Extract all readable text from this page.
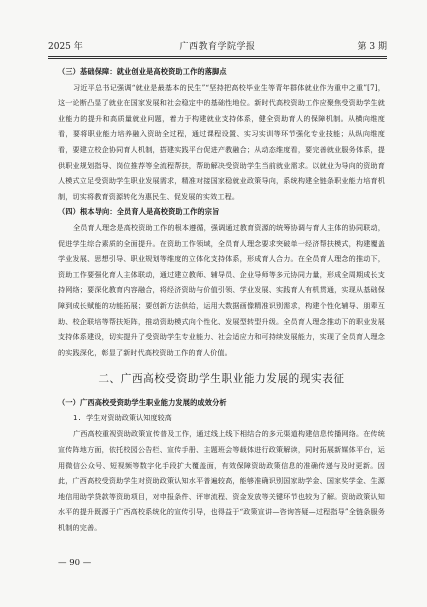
2025 年	广西教育学院学报	第 3 期

（三）基础保障：就业创业是高校资助工作的落脚点

习近平总书记强调“就业是最基本的民生”“坚持把高校毕业生等青年群体就业作为重中之重”[7]，这一论断凸显了就业在国家发展和社会稳定中的基础性地位。新时代高校资助工作应聚焦受资助学生就业能力的提升和高质量就业问题，着力于构建就业支持体系，健全资助育人的保障机制。从横向维度看，要将职业能力培养融入资助全过程，通过课程设置、实习实训等环节强化专业技能；从纵向维度看，要建立校企协同育人机制，搭建实践平台促进产教融合；从动态维度看，要完善就业服务体系，提供职业规划指导、岗位推荐等全流程帮扶，帮助解决受资助学生当前就业需求。以就业为导向的资助育人模式立足受资助学生职业发展需求，精准对接国家稳就业政策导向，系统构建全链条职业能力培育机制，切实将教育资源转化为惠民生、促发展的实效工程。

（四）根本导向：全员育人是高校资助工作的宗旨

全员育人理念是高校资助工作的根本遵循，强调通过教育资源的统筹协调与育人主体的协同联动，促进学生综合素质的全面提升。在资助工作领域，全员育人理念要求突破单一经济帮扶模式，构建覆盖学业发展、思想引导、职业规划等维度的立体化支持体系，形成育人合力。在全员育人理念的推动下，资助工作要强化育人主体联动，通过建立教师、辅导员、企业导师等多元协同力量，形成全周期成长支持网络；要深化教育内容融合，将经济资助与价值引领、学业发展、实践育人有机贯通，实现从基础保障到成长赋能的功能拓展；要创新方法供给，运用大数据画像精准识别需求，构建个性化辅导、朋辈互助、校企联培等帮扶矩阵，推动资助模式向个性化、发展型转型升级。全员育人理念推动下的职业发展支持体系建设，切实提升了受资助学生专业能力、社会适应力和可持续发展能力，实现了全员育人理念的实践深化，彰显了新时代高校资助工作的育人价值。

二、广西高校受资助学生职业能力发展的现实表征

（一）广西高校受资助学生职业能力发展的成效分析

1. 学生对资助政策认知度较高

广西高校重视资助政策宣传普及工作，通过线上线下相结合的多元渠道构建信息传播网络。在传统宣传阵地方面，依托校园公告栏、宣传手册、主题班会等载体进行政策解读，同时拓展新媒体平台，运用微信公众号、短视频等数字化手段扩大覆盖面，有效保障资助政策信息的准确传递与及时更新。因此，广西高校受资助学生对资助政策认知水平普遍较高，能够准确识别国家助学金、国家奖学金、生源地信用助学贷款等资助项目，对申报条件、评审流程、资金发放等关键环节也较为了解。资助政策认知水平的提升既源于广西高校系统化的宣传引导，也得益于“政策宣讲—咨询答疑—过程指导”全链条服务机制的完善。

— 90 —
